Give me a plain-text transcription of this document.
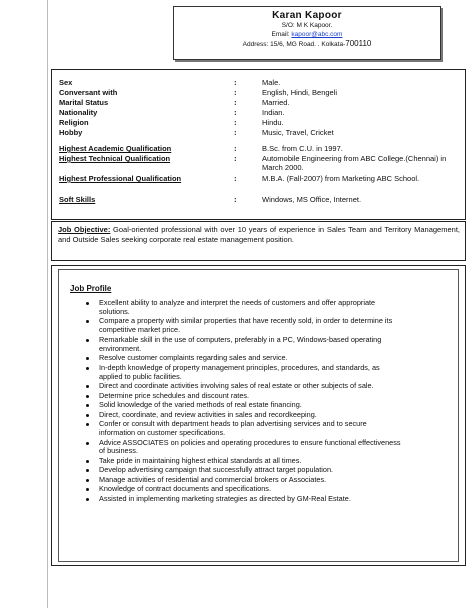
Karan Kapoor
S/O: M K Kapoor.
Email: kapoor@abc.com
Address: 15/6, MG Road. . Kolkata-700110
Sex	:	Male.
Conversant with	:	English, Hindi, Bengeli
Marital Status	:	Married.
Nationality	:	Indian.
Religion	:	Hindu.
Hobby	:	Music, Travel, Cricket
Highest Academic Qualification	:	B.Sc. from C.U. in 1997.
Highest Technical Qualification	:	Automobile Engineering from ABC College.(Chennai) in March 2000.
Highest Professional Qualification	:	M.B.A. (Fall-2007) from Marketing ABC School.
Soft Skills	:	Windows, MS Office, Internet.
Job Objective: Goal-oriented professional with over 10 years of experience in Sales Team and Territory Management, and Outside Sales seeking corporate real estate management position.
Job Profile
Excellent ability to analyze and interpret the needs of customers and offer appropriate solutions.
Compare a property with similar properties that have recently sold, in order to determine its competitive market price.
Remarkable skill in the use of computers, preferably in a PC, Windows-based operating environment.
Resolve customer complaints regarding sales and service.
In-depth knowledge of property management principles, procedures, and standards, as applied to public facilities.
Direct and coordinate activities involving sales of real estate or other subjects of sale.
Determine price schedules and discount rates.
Solid knowledge of the varied methods of real estate financing.
Direct, coordinate, and review activities in sales and recordkeeping.
Confer or consult with department heads to plan advertising services and to secure information on customer specifications.
Advice ASSOCIATES on policies and operating procedures to ensure functional effectiveness of business.
Take pride in maintaining highest ethical standards at all times.
Develop advertising campaign that successfully attract target population.
Manage activities of residential and commercial brokers or Associates.
Knowledge of contract documents and specifications.
Assisted in implementing marketing strategies as directed by GM-Real Estate.
